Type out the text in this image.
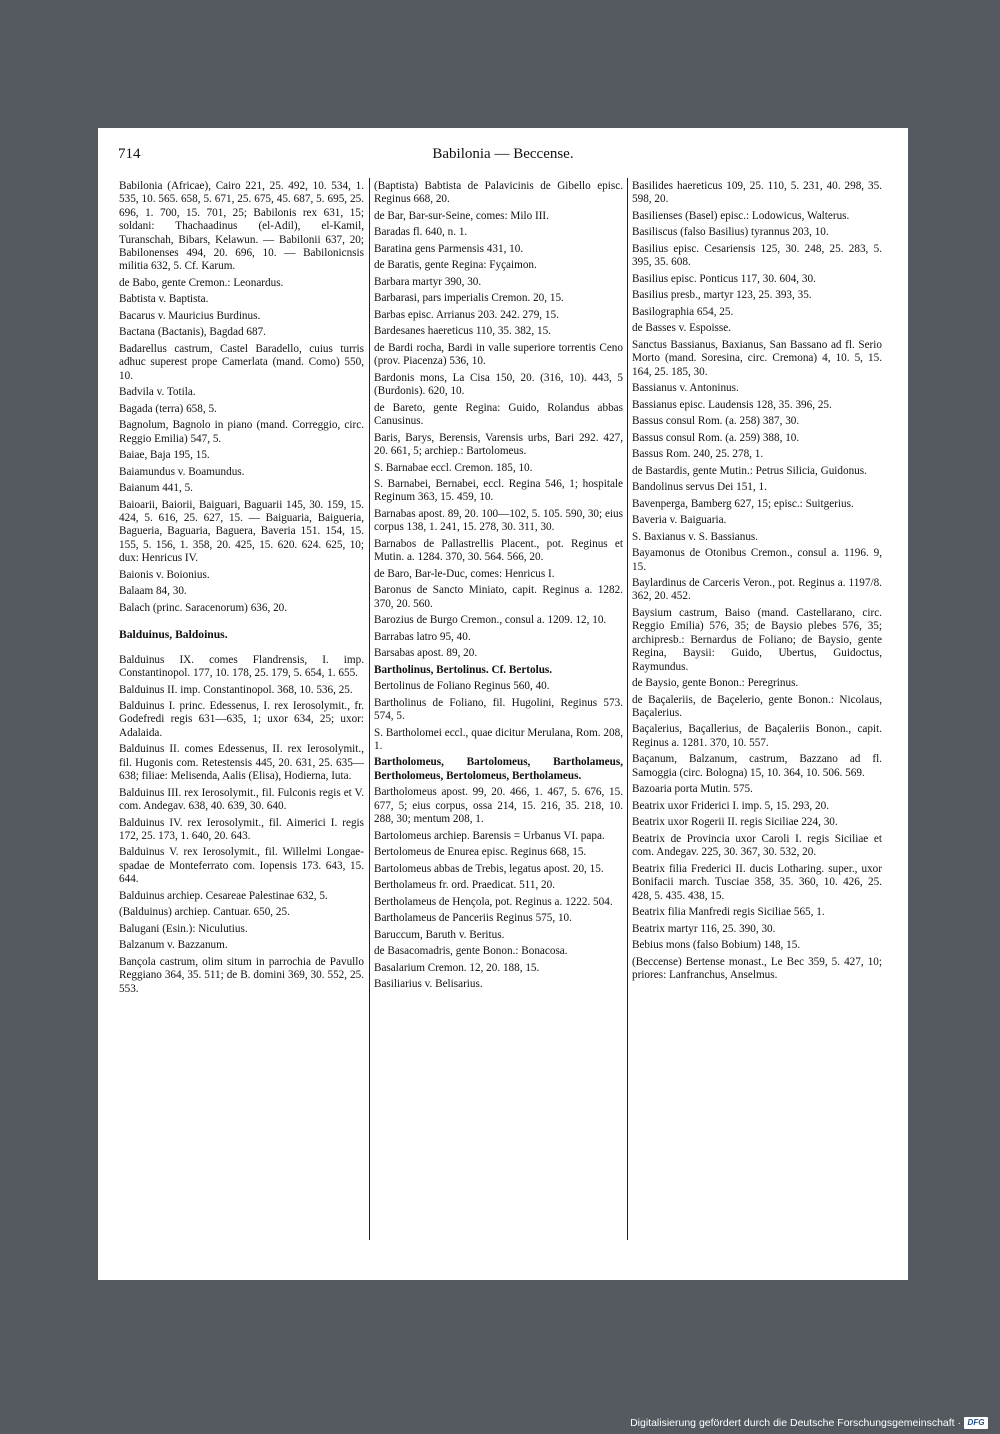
714	Babilonia — Beccense.
Babilonia (Africae), Cairo 221, 25. 492, 10. 534, 1. 535, 10. 565. 658, 5. 671, 25. 675, 45. 687, 5. 695, 25. 696, 1. 700, 15. 701, 25; Babilonis rex 631, 15; soldani: Thachaadinus (el-Adil), el-Kamil, Turanschah, Bibars, Kelawun. — Babilonii 637, 20; Babilonenses 494, 20. 696, 10. — Babilonicnsis militia 632, 5. Cf. Karum.
de Babo, gente Cremon.: Leonardus.
Babtista v. Baptista.
Bacarus v. Mauricius Burdinus.
Bactana (Bactanis), Bagdad 687.
Badarellus castrum, Castel Baradello, cuius turris adhuc superest prope Camerlata (mand. Como) 550, 10.
Badvila v. Totila.
Bagada (terra) 658, 5.
Bagnolum, Bagnolo in piano (mand. Correggio, circ. Reggio Emilia) 547, 5.
Baiae, Baja 195, 15.
Baiamundus v. Boamundus.
Baianum 441, 5.
Baioarii, Baiorii, Baiguari, Baguarii 145, 30. 159, 15. 424, 5. 616, 25. 627, 15. — Baiguaria, Baigueria, Bagueria, Baguaria, Baguera, Baveria 151. 154, 15. 155, 5. 156, 1. 358, 20. 425, 15. 620. 624. 625, 10; dux: Henricus IV.
Baionis v. Boionius.
Balaam 84, 30.
Balach (princ. Saracenorum) 636, 20.
Balduinus, Baldoinus.
Balduinus IX. comes Flandrensis, I. imp. Constantinopol. 177, 10. 178, 25. 179, 5. 654, 1. 655.
Balduinus II. imp. Constantinopol. 368, 10. 536, 25.
Balduinus I. princ. Edessenus, I. rex Ierosolymit., fr. Godefredi regis 631—635, 1; uxor 634, 25; uxor: Adalaida.
Balduinus II. comes Edessenus, II. rex Ierosolymit., fil. Hugonis com. Retestensis 445, 20. 631, 25. 635—638; filiae: Melisenda, Aalis (Elisa), Hodierna, Iuta.
Balduinus III. rex Ierosolymit., fil. Fulconis regis et V. com. Andegav. 638, 40. 639, 30. 640.
Balduinus IV. rex Ierosolymit., fil. Aimerici I. regis 172, 25. 173, 1. 640, 20. 643.
Balduinus V. rex Ierosolymit., fil. Willelmi Longae-spadae de Monteferrato com. Iopensis 173. 643, 15. 644.
Balduinus archiep. Cesareae Palestinae 632, 5.
(Balduinus) archiep. Cantuar. 650, 25.
Balugani (Esin.): Niculutius.
Balzanum v. Bazzanum.
Bançola castrum, olim situm in parrochia de Pavullo Reggiano 364, 35. 511; de B. domini 369, 30. 552, 25. 553.
(Baptista) Babtista de Palavicinis de Gibello episc. Reginus 668, 20.
de Bar, Bar-sur-Seine, comes: Milo III.
Baradas fl. 640, n. 1.
Baratina gens Parmensis 431, 10.
de Baratis, gente Regina: Fyçaimon.
Barbara martyr 390, 30.
Barbarasi, pars imperialis Cremon. 20, 15.
Barbas episc. Arrianus 203. 242. 279, 15.
Bardesanes haereticus 110, 35. 382, 15.
de Bardi rocha, Bardi in valle superiore torrentis Ceno (prov. Piacenza) 536, 10.
Bardonis mons, La Cisa 150, 20. (316, 10). 443, 5 (Burdonis). 620, 10.
de Bareto, gente Regina: Guido, Rolandus abbas Canusinus.
Baris, Barys, Berensis, Varensis urbs, Bari 292. 427, 20. 661, 5; archiep.: Bartolomeus.
S. Barnabae eccl. Cremon. 185, 10.
S. Barnabei, Bernabei, eccl. Regina 546, 1; hospitale Reginum 363, 15. 459, 10.
Barnabas apost. 89, 20. 100—102, 5. 105. 590, 30; eius corpus 138, 1. 241, 15. 278, 30. 311, 30.
Barnabos de Pallastrellis Placent., pot. Reginus et Mutin. a. 1284. 370, 30. 564. 566, 20.
de Baro, Bar-le-Duc, comes: Henricus I.
Baronus de Sancto Miniato, capit. Reginus a. 1282. 370, 20. 560.
Barozius de Burgo Cremon., consul a. 1209. 12, 10.
Barrabas latro 95, 40.
Barsabas apost. 89, 20.
Bartholinus, Bertolinus. Cf. Bertolus.
Bertolinus de Foliano Reginus 560, 40.
Bartholinus de Foliano, fil. Hugolini, Reginus 573. 574, 5.
S. Bartholomei eccl., quae dicitur Merulana, Rom. 208, 1.
Bartholomeus, Bartolomeus, Bartholameus, Bertholomeus, Bertolomeus, Bertholameus.
Bartholomeus apost. 99, 20. 466, 1. 467, 5. 676, 15. 677, 5; eius corpus, ossa 214, 15. 216, 35. 218, 10. 288, 30; mentum 208, 1.
Bartolomeus archiep. Barensis = Urbanus VI. papa.
Bertolomeus de Enurea episc. Reginus 668, 15.
Bartolomeus abbas de Trebis, legatus apost. 20, 15.
Bertholameus fr. ord. Praedicat. 511, 20.
Bertholameus de Hençola, pot. Reginus a. 1222. 504.
Bartholameus de Panceriis Reginus 575, 10.
Baruccum, Baruth v. Beritus.
de Basacomadris, gente Bonon.: Bonacosa.
Basalarium Cremon. 12, 20. 188, 15.
Basiliarius v. Belisarius.
Basilides haereticus 109, 25. 110, 5. 231, 40. 298, 35. 598, 20.
Basilienses (Basel) episc.: Lodowicus, Walterus.
Basiliscus (falso Basilius) tyrannus 203, 10.
Basilius episc. Cesariensis 125, 30. 248, 25. 283, 5. 395, 35. 608.
Basilius episc. Ponticus 117, 30. 604, 30.
Basilius presb., martyr 123, 25. 393, 35.
Basilographia 654, 25.
de Basses v. Espoisse.
Sanctus Bassianus, Baxianus, San Bassano ad fl. Serio Morto (mand. Soresina, circ. Cremona) 4, 10. 5, 15. 164, 25. 185, 30.
Bassianus v. Antoninus.
Bassianus episc. Laudensis 128, 35. 396, 25.
Bassus consul Rom. (a. 258) 387, 30.
Bassus consul Rom. (a. 259) 388, 10.
Bassus Rom. 240, 25. 278, 1.
de Bastardis, gente Mutin.: Petrus Silicia, Guidonus.
Bandolinus servus Dei 151, 1.
Bavenperga, Bamberg 627, 15; episc.: Suitgerius.
Baveria v. Baiguaria.
S. Baxianus v. S. Bassianus.
Bayamonus de Otonibus Cremon., consul a. 1196. 9, 15.
Baylardinus de Carceris Veron., pot. Reginus a. 1197/8. 362, 20. 452.
Baysium castrum, Baiso (mand. Castellarano, circ. Reggio Emilia) 576, 35; de Baysio plebes 576, 35; archipresb.: Bernardus de Foliano; de Baysio, gente Regina, Baysii: Guido, Ubertus, Guidoctus, Raymundus.
de Baysio, gente Bonon.: Peregrinus.
de Baçaleriis, de Baçelerio, gente Bonon.: Nicolaus, Baçalerius.
Baçalerius, Baçallerius, de Baçaleriis Bonon., capit. Reginus a. 1281. 370, 10. 557.
Baçanum, Balzanum, castrum, Bazzano ad fl. Samoggia (circ. Bologna) 15, 10. 364, 10. 506. 569.
Bazoaria porta Mutin. 575.
Beatrix uxor Friderici I. imp. 5, 15. 293, 20.
Beatrix uxor Rogerii II. regis Siciliae 224, 30.
Beatrix de Provincia uxor Caroli I. regis Siciliae et com. Andegav. 225, 30. 367, 30. 532, 20.
Beatrix filia Frederici II. ducis Lotharing. super., uxor Bonifacii march. Tusciae 358, 35. 360, 10. 426, 25. 428, 5. 435. 438, 15.
Beatrix filia Manfredi regis Siciliae 565, 1.
Beatrix martyr 116, 25. 390, 30.
Bebius mons (falso Bobium) 148, 15.
(Beccense) Bertense monast., Le Bec 359, 5. 427, 10; priores: Lanfranchus, Anselmus.
Digitalisierung gefördert durch die Deutsche Forschungsgemeinschaft · DFG
